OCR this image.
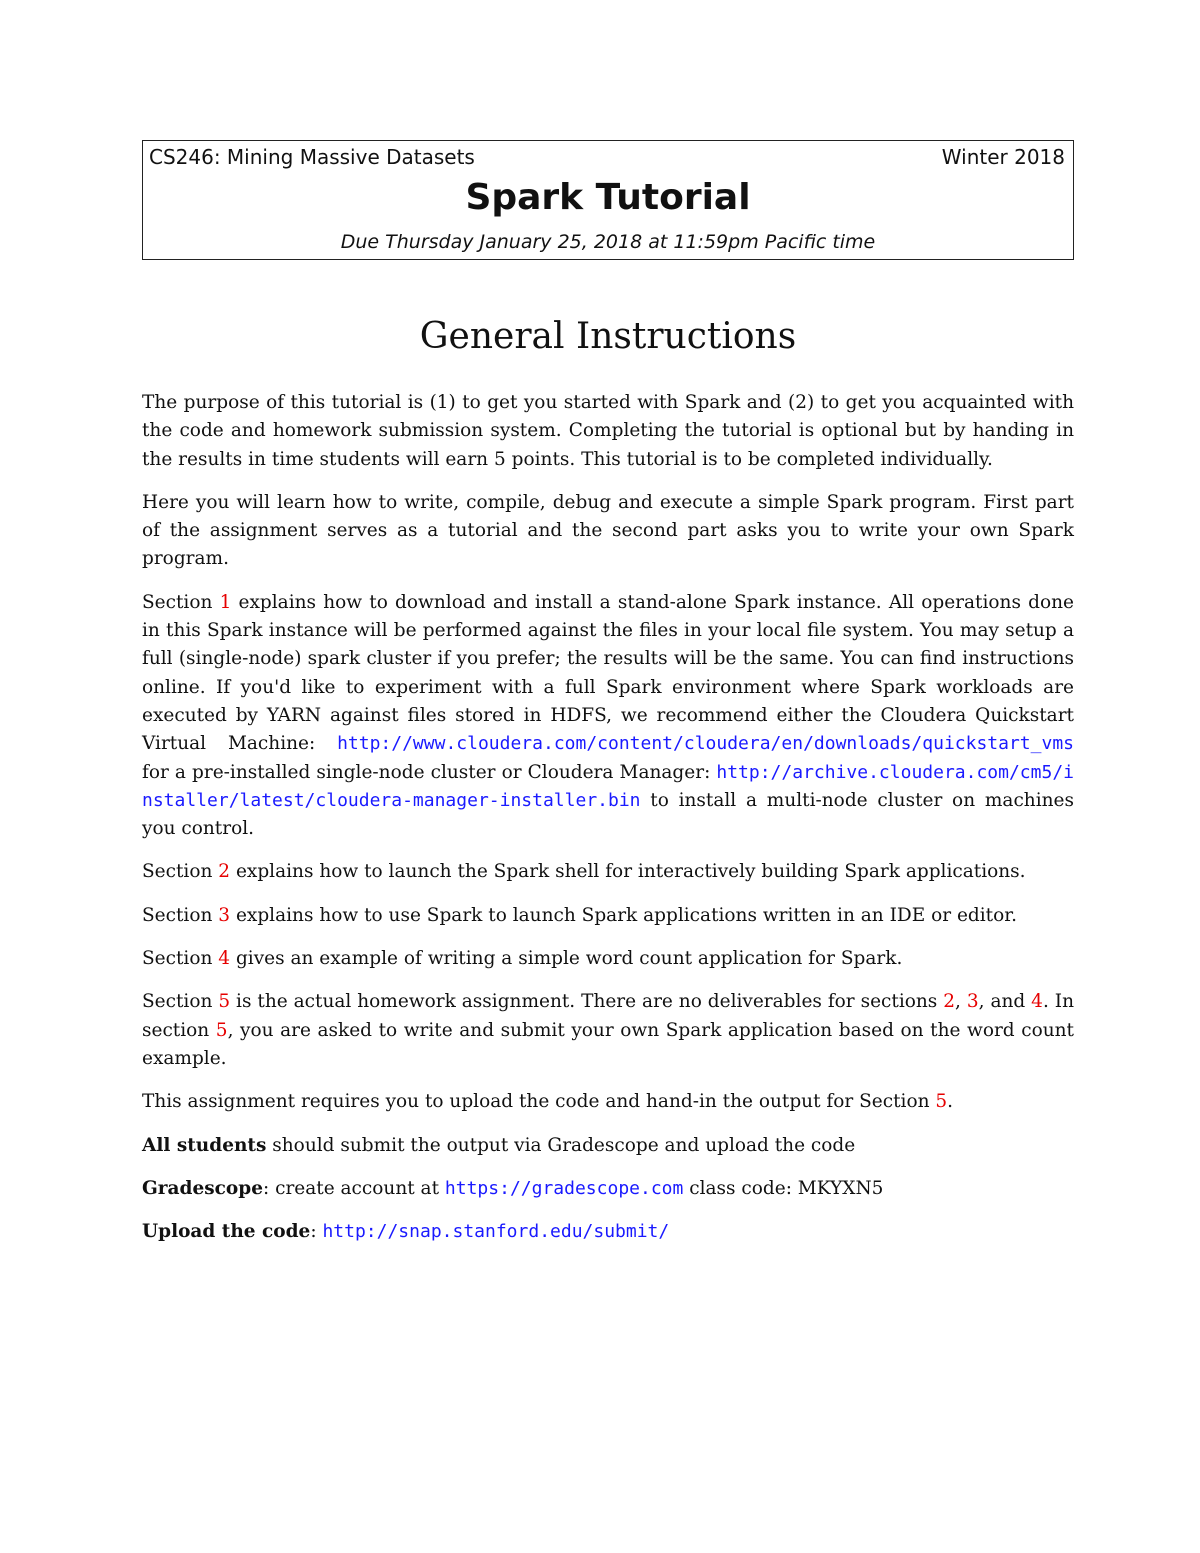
CS246: Mining Massive Datasets	Winter 2018
Spark Tutorial
Due Thursday January 25, 2018 at 11:59pm Pacific time
General Instructions

The purpose of this tutorial is (1) to get you started with Spark and (2) to get you acquainted with the code and homework submission system. Completing the tutorial is optional but by handing in the results in time students will earn 5 points. This tutorial is to be completed individually.

Here you will learn how to write, compile, debug and execute a simple Spark program. First part of the assignment serves as a tutorial and the second part asks you to write your own Spark program.

Section 1 explains how to download and install a stand-alone Spark instance. All operations done in this Spark instance will be performed against the files in your local file system. You may setup a full (single-node) spark cluster if you prefer; the results will be the same. You can find instructions online. If you'd like to experiment with a full Spark environment where Spark workloads are executed by YARN against files stored in HDFS, we recommend either the Cloudera Quickstart Virtual Machine: http://www.cloudera.com/content/cloudera/en/downloads/quickstart_vms for a pre-installed single-node cluster or Cloudera Manager: http://archive.cloudera.com/cm5/installer/latest/cloudera-manager-installer.bin to install a multi-node cluster on machines you control.

Section 2 explains how to launch the Spark shell for interactively building Spark applications.

Section 3 explains how to use Spark to launch Spark applications written in an IDE or editor.

Section 4 gives an example of writing a simple word count application for Spark.

Section 5 is the actual homework assignment. There are no deliverables for sections 2, 3, and 4. In section 5, you are asked to write and submit your own Spark application based on the word count example.

This assignment requires you to upload the code and hand-in the output for Section 5.

All students should submit the output via Gradescope and upload the code

Gradescope: create account at https://gradescope.com class code: MKYXN5

Upload the code: http://snap.stanford.edu/submit/
